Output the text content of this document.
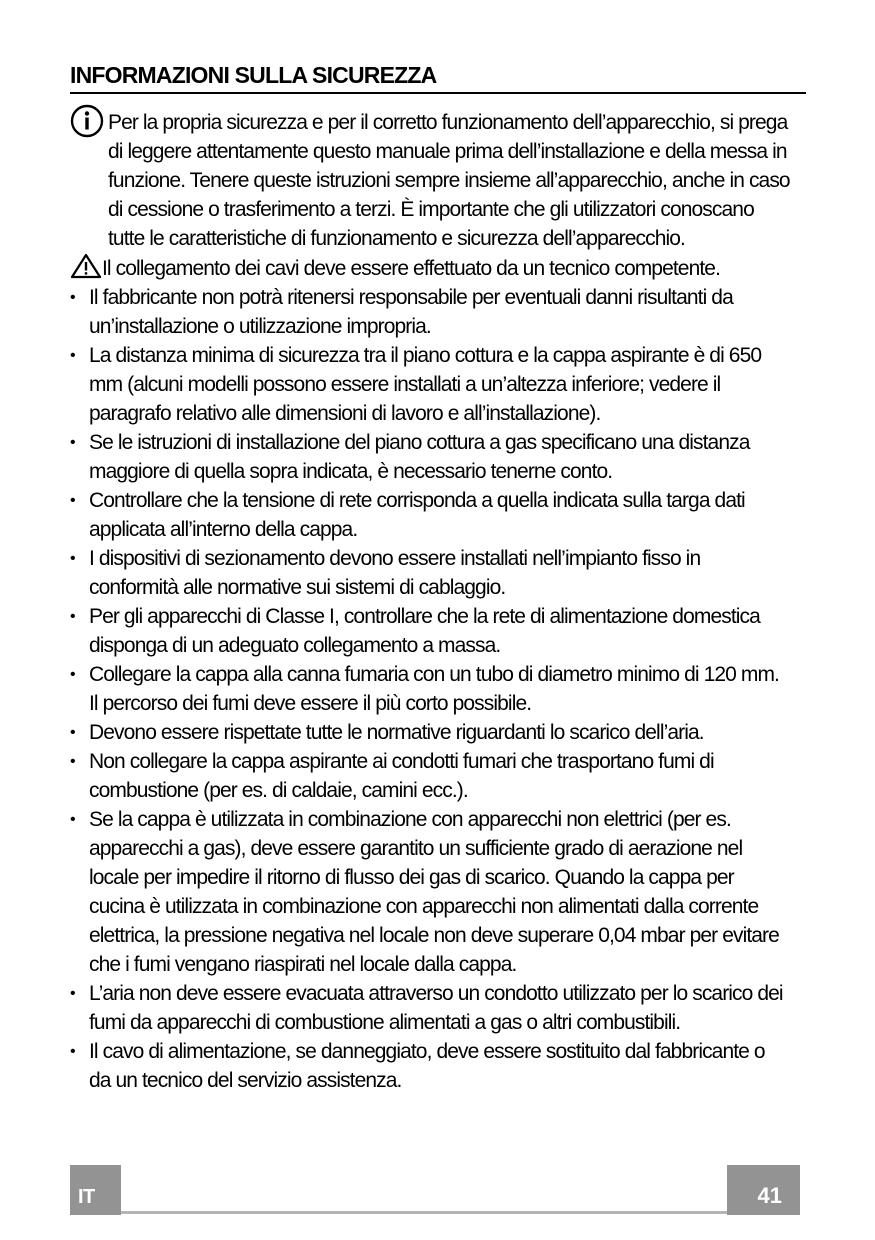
INFORMAZIONI SULLA SICUREZZA
Per la propria sicurezza e per il corretto funzionamento dell’apparecchio, si prega di leggere attentamente questo manuale prima dell’installazione e della messa in funzione. Tenere queste istruzioni sempre insieme all’apparecchio, anche in caso di cessione o trasferimento a terzi. È importante che gli utilizzatori conoscano tutte le caratteristiche di funzionamento e sicurezza dell’apparecchio.
Il collegamento dei cavi deve essere effettuato da un tecnico competente.
• Il fabbricante non potrà ritenersi responsabile per eventuali danni risultanti da un’installazione o utilizzazione impropria.
• La distanza minima di sicurezza tra il piano cottura e la cappa aspirante è di 650 mm (alcuni modelli possono essere installati a un’altezza inferiore; vedere il paragrafo relativo alle dimensioni di lavoro e all’installazione).
• Se le istruzioni di installazione del piano cottura a gas specificano una distanza maggiore di quella sopra indicata, è necessario tenerne conto.
• Controllare che la tensione di rete corrisponda a quella indicata sulla targa dati applicata all’interno della cappa.
• I dispositivi di sezionamento devono essere installati nell’impianto fisso in conformità alle normative sui sistemi di cablaggio.
• Per gli apparecchi di Classe I, controllare che la rete di alimentazione domestica disponga di un adeguato collegamento a massa.
• Collegare la cappa alla canna fumaria con un tubo di diametro minimo di 120 mm. Il percorso dei fumi deve essere il più corto possibile.
• Devono essere rispettate tutte le normative riguardanti lo scarico dell’aria.
• Non collegare la cappa aspirante ai condotti fumari che trasportano fumi di combustione (per es. di caldaie, camini ecc.).
• Se la cappa è utilizzata in combinazione con apparecchi non elettrici (per es. apparecchi a gas), deve essere garantito un sufficiente grado di aerazione nel locale per impedire il ritorno di flusso dei gas di scarico. Quando la cappa per cucina è utilizzata in combinazione con apparecchi non alimentati dalla corrente elettrica, la pressione negativa nel locale non deve superare 0,04 mbar per evitare che i fumi vengano riaspirati nel locale dalla cappa.
• L’aria non deve essere evacuata attraverso un condotto utilizzato per lo scarico dei fumi da apparecchi di combustione alimentati a gas o altri combustibili.
• Il cavo di alimentazione, se danneggiato, deve essere sostituito dal fabbricante o da un tecnico del servizio assistenza.
IT	41
